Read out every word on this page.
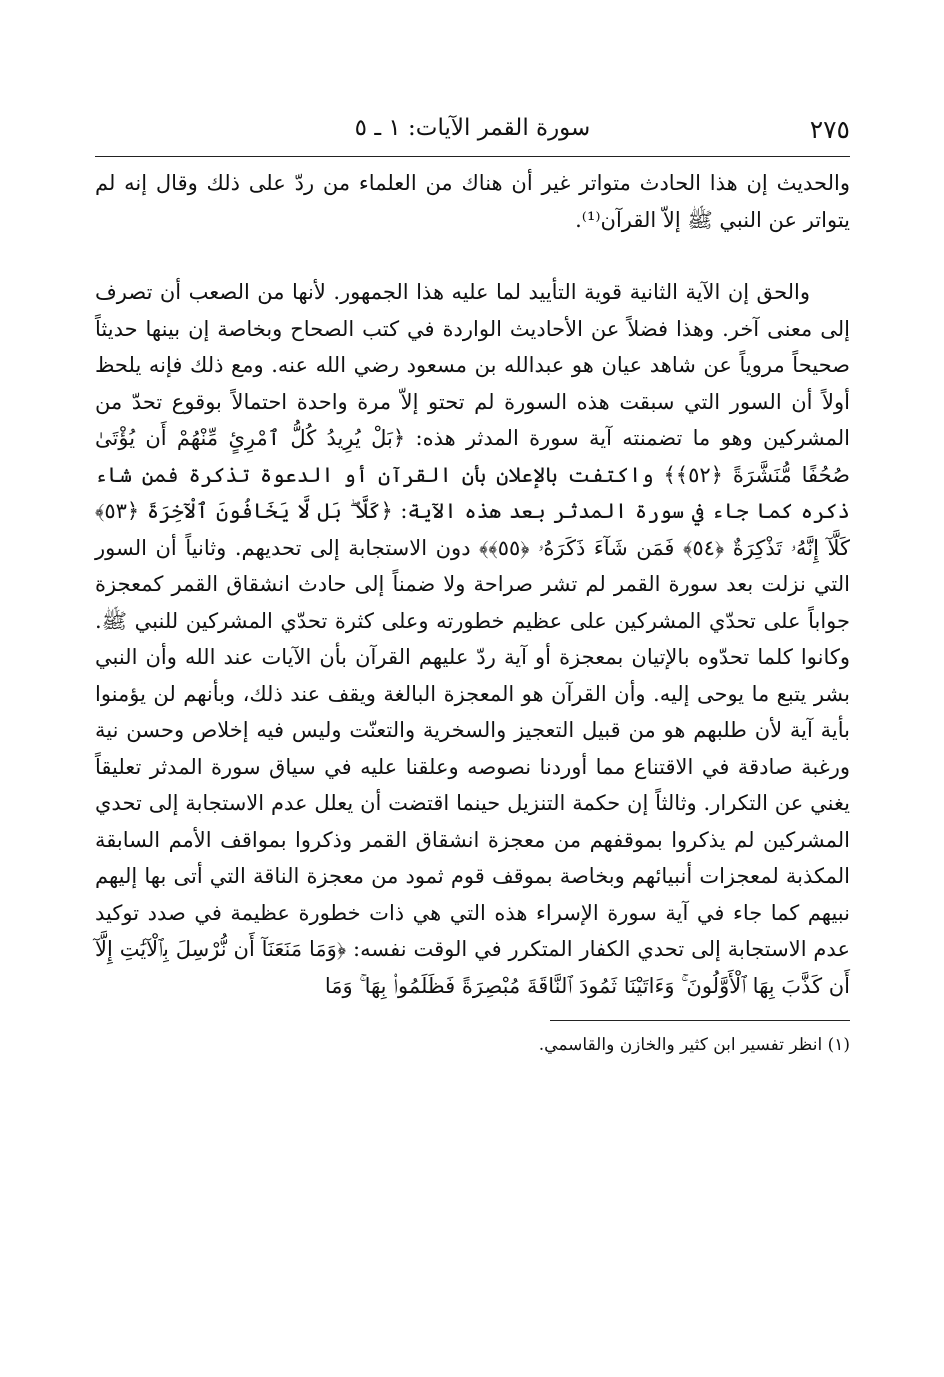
٢٧٥
سورة القمر الآيات: ١ ـ ٥

والحديث إن هذا الحادث متواتر غير أن هناك من العلماء من ردّ على ذلك وقال إنه لم يتواتر عن النبي ﷺ إلاّ القرآن⁽¹⁾.

والحق إن الآية الثانية قوية التأييد لما عليه هذا الجمهور. لأنها من الصعب أن تصرف إلى معنى آخر. وهذا فضلاً عن الأحاديث الواردة في كتب الصحاح وبخاصة إن بينها حديثاً صحيحاً مروياً عن شاهد عيان هو عبدالله بن مسعود رضي الله عنه. ومع ذلك فإنه يلحظ أولاً أن السور التي سبقت هذه السورة لم تحتو إلاّ مرة واحدة احتمالاً بوقوع تحدّ من المشركين وهو ما تضمنته آية سورة المدثر هذه: ﴿بَلْ يُرِيدُ كُلُّ ٱمْرِئٍ مِّنْهُمْ أَن يُؤْتَىٰ صُحُفًا مُّنَشَّرَةً ﴿٥٢﴾﴾ واكتفت بالإعلان بأن القرآن أو الدعوة تذكرة فمن شاء ذكره كما جاء في سورة المدثر بعد هذه الآية: ﴿كَلَّا ۖ بَل لَّا يَخَافُونَ ٱلْآخِرَةَ ﴿٥٣﴾ كَلَّآ إِنَّهُۥ تَذْكِرَةٌ ﴿٥٤﴾ فَمَن شَآءَ ذَكَرَهُۥ ﴿٥٥﴾﴾ دون الاستجابة إلى تحديهم. وثانياً أن السور التي نزلت بعد سورة القمر لم تشر صراحة ولا ضمناً إلى حادث انشقاق القمر كمعجزة جواباً على تحدّي المشركين على عظيم خطورته وعلى كثرة تحدّي المشركين للنبي ﷺ. وكانوا كلما تحدّوه بالإتيان بمعجزة أو آية ردّ عليهم القرآن بأن الآيات عند الله وأن النبي بشر يتبع ما يوحى إليه. وأن القرآن هو المعجزة البالغة ويقف عند ذلك، وبأنهم لن يؤمنوا بأية آية لأن طلبهم هو من قبيل التعجيز والسخرية والتعنّت وليس فيه إخلاص وحسن نية ورغبة صادقة في الاقتناع مما أوردنا نصوصه وعلقنا عليه في سياق سورة المدثر تعليقاً يغني عن التكرار. وثالثاً إن حكمة التنزيل حينما اقتضت أن يعلل عدم الاستجابة إلى تحدي المشركين لم يذكروا بموقفهم من معجزة انشقاق القمر وذكروا بمواقف الأمم السابقة المكذبة لمعجزات أنبيائهم وبخاصة بموقف قوم ثمود من معجزة الناقة التي أتى بها إليهم نبيهم كما جاء في آية سورة الإسراء هذه التي هي ذات خطورة عظيمة في صدد توكيد عدم الاستجابة إلى تحدي الكفار المتكرر في الوقت نفسه: ﴿وَمَا مَنَعَنَآ أَن نُّرْسِلَ بِٱلْآيَٰتِ إِلَّآ أَن كَذَّبَ بِهَا ٱلْأَوَّلُونَ ۚ وَءَاتَيْنَا ثَمُودَ ٱلنَّاقَةَ مُبْصِرَةً فَظَلَمُوا۟ بِهَا ۚ وَمَا

(١) انظر تفسير ابن كثير والخازن والقاسمي.
